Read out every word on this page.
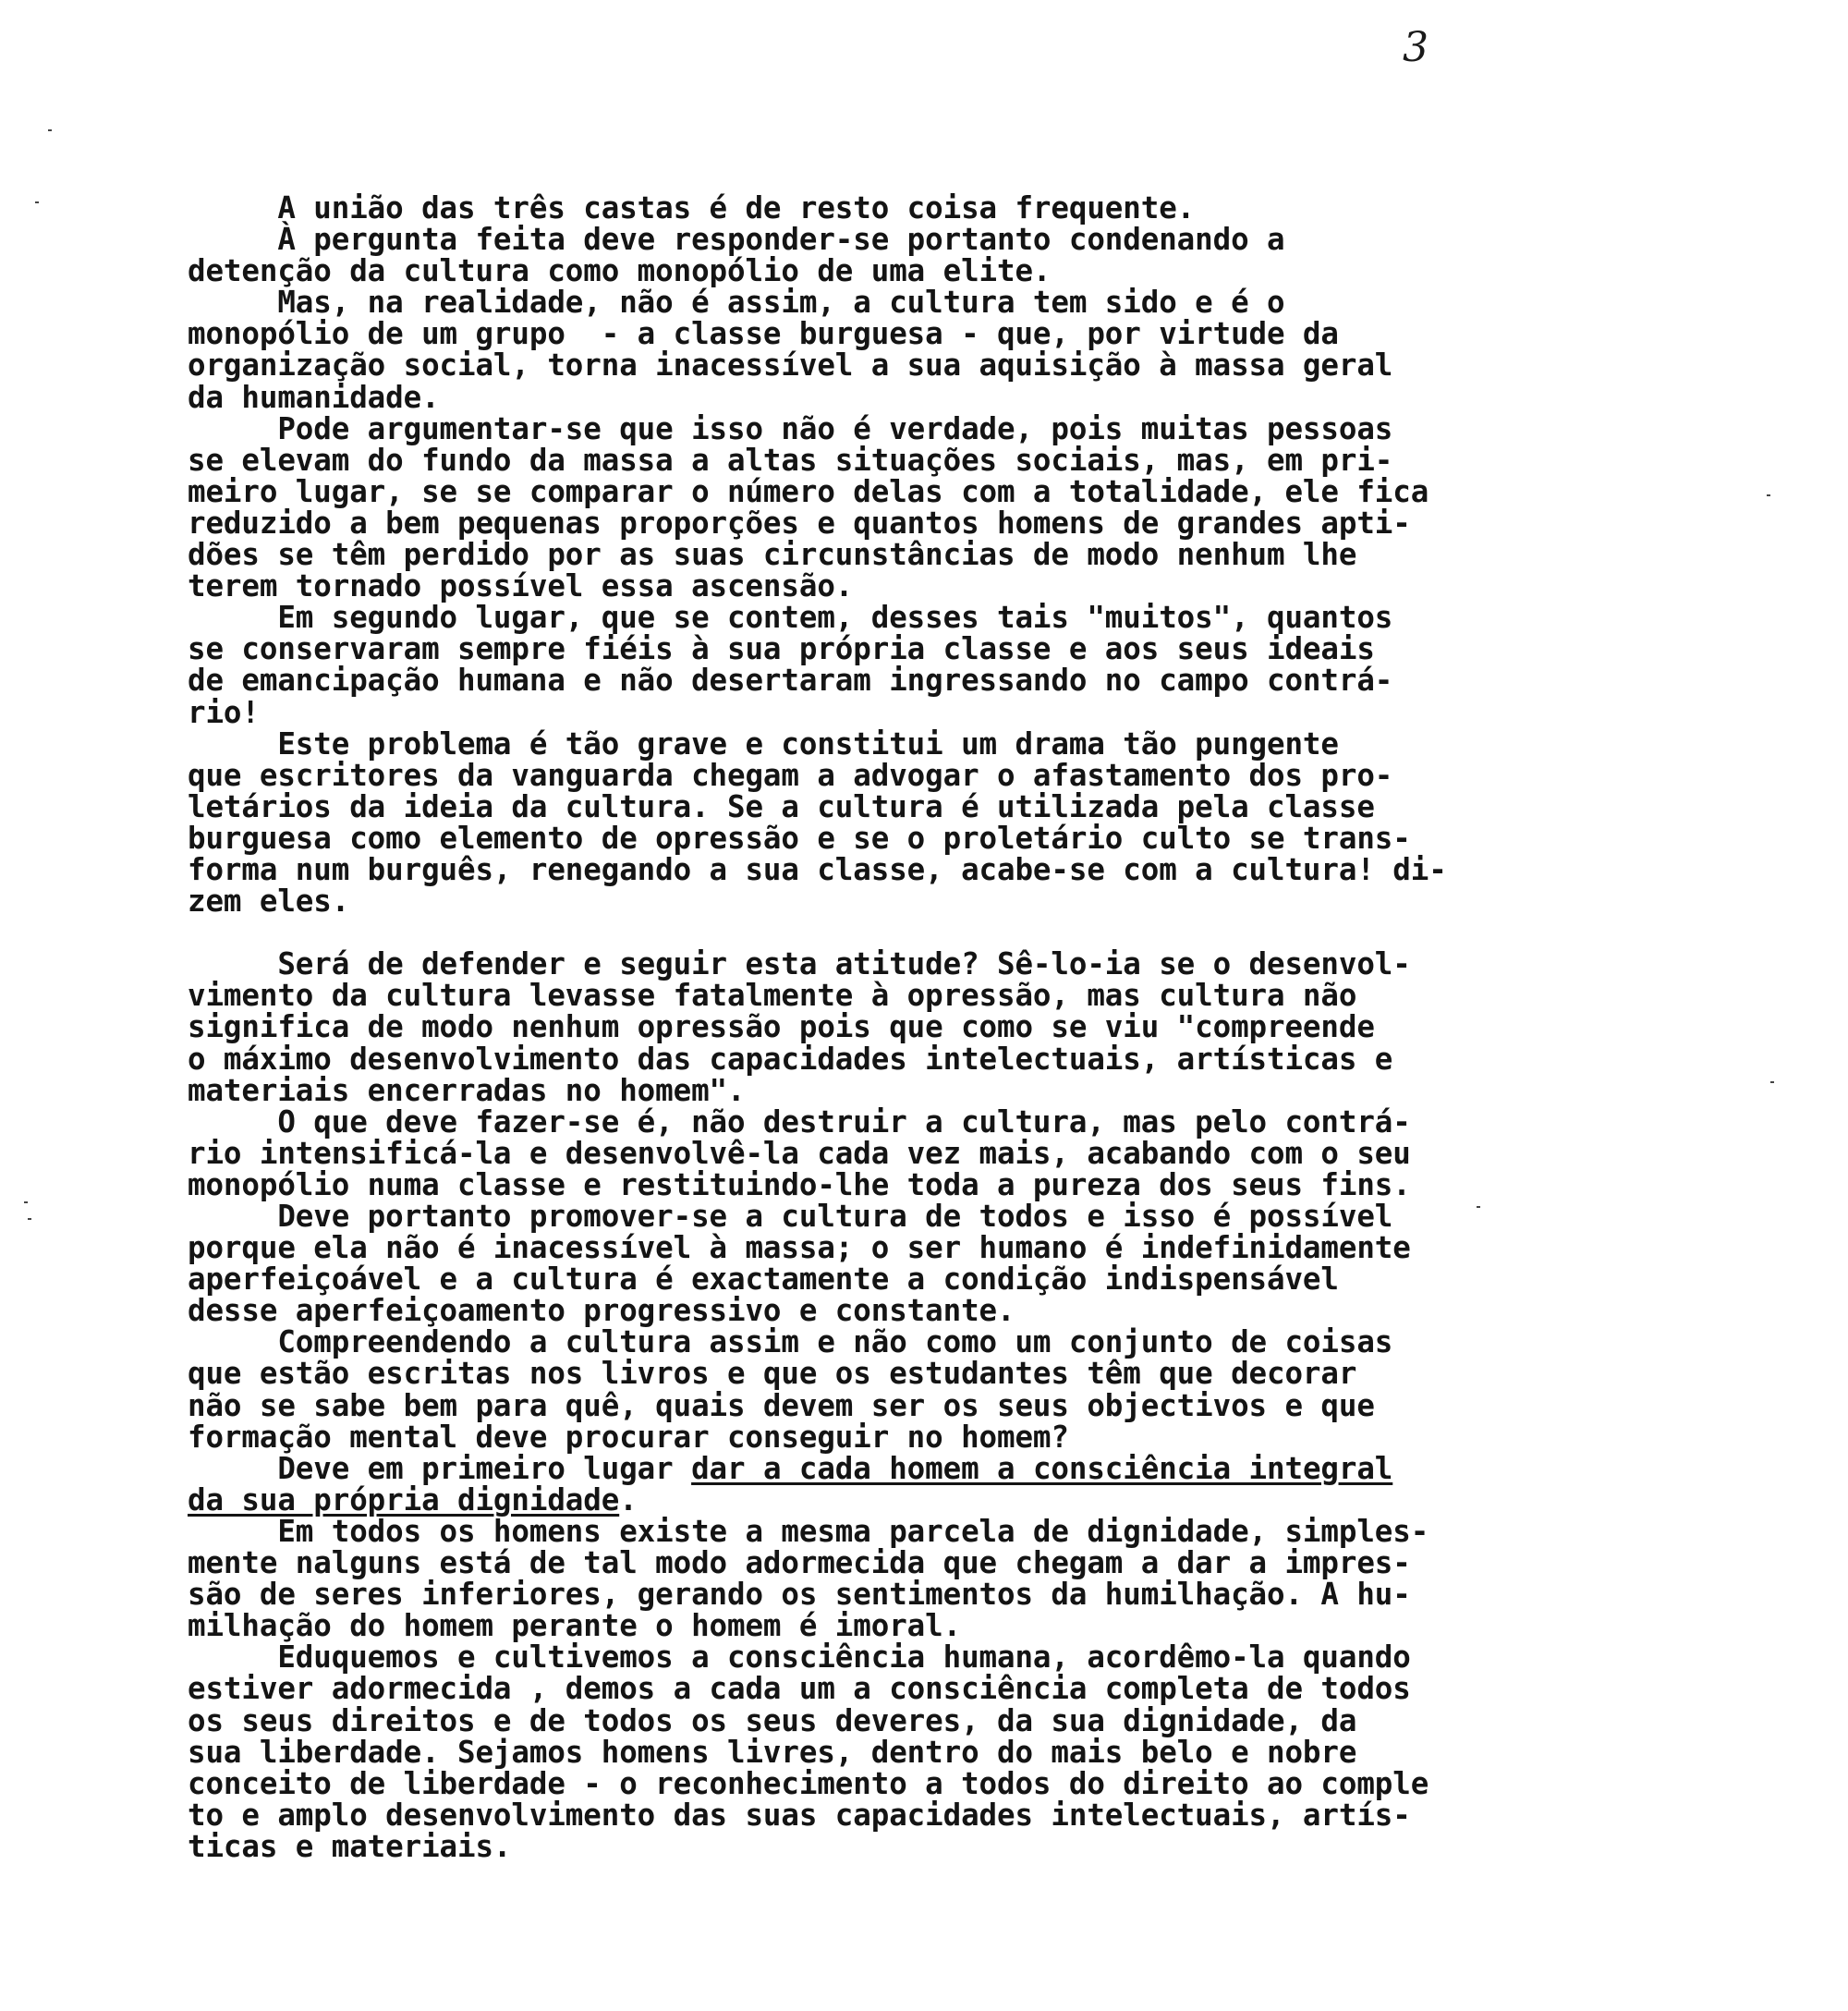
3
A união das três castas é de resto coisa frequente.
À pergunta feita deve responder-se portanto condenando a
detenção da cultura como monopólio de uma elite.
Mas, na realidade, não é assim, a cultura tem sido e é o
monopólio de um grupo  - a classe burguesa - que, por virtude da
organização social, torna inacessível a sua aquisição à massa geral
da humanidade.
Pode argumentar-se que isso não é verdade, pois muitas pessoas
se elevam do fundo da massa a altas situações sociais, mas, em pri-
meiro lugar, se se comparar o número delas com a totalidade, ele fica
reduzido a bem pequenas proporções e quantos homens de grandes apti-
dões se têm perdido por as suas circunstâncias de modo nenhum lhe
terem tornado possível essa ascensão.
Em segundo lugar, que se contem, desses tais "muitos", quantos
se conservaram sempre fiéis à sua própria classe e aos seus ideais
de emancipação humana e não desertaram ingressando no campo contrá-
rio!
Este problema é tão grave e constitui um drama tão pungente
que escritores da vanguarda chegam a advogar o afastamento dos pro-
letários da ideia da cultura. Se a cultura é utilizada pela classe
burguesa como elemento de opressão e se o proletário culto se trans-
forma num burguês, renegando a sua classe, acabe-se com a cultura! di-
zem eles.
Será de defender e seguir esta atitude? Sê-lo-ia se o desenvol-
vimento da cultura levasse fatalmente à opressão, mas cultura não
significa de modo nenhum opressão pois que como se viu "compreende
o máximo desenvolvimento das capacidades intelectuais, artísticas e
materiais encerradas no homem".
O que deve fazer-se é, não destruir a cultura, mas pelo contrá-
rio intensificá-la e desenvolvê-la cada vez mais, acabando com o seu
monopólio numa classe e restituindo-lhe toda a pureza dos seus fins.
Deve portanto promover-se a cultura de todos e isso é possível
porque ela não é inacessível à massa; o ser humano é indefinidamente
aperfeiçoável e a cultura é exactamente a condição indispensável
desse aperfeiçoamento progressivo e constante.
Compreendendo a cultura assim e não como um conjunto de coisas
que estão escritas nos livros e que os estudantes têm que decorar
não se sabe bem para quê, quais devem ser os seus objectivos e que
formação mental deve procurar conseguir no homem?
Deve em primeiro lugar dar a cada homem a consciência integral
da sua própria dignidade.
Em todos os homens existe a mesma parcela de dignidade, simples-
mente nalguns está de tal modo adormecida que chegam a dar a impres-
são de seres inferiores, gerando os sentimentos da humilhação. A hu-
milhação do homem perante o homem é imoral.
Eduquemos e cultivemos a consciência humana, acordêmo-la quando
estiver adormecida , demos a cada um a consciência completa de todos
os seus direitos e de todos os seus deveres, da sua dignidade, da
sua liberdade. Sejamos homens livres, dentro do mais belo e nobre
conceito de liberdade - o reconhecimento a todos do direito ao comple
to e amplo desenvolvimento das suas capacidades intelectuais, artís-
ticas e materiais.
